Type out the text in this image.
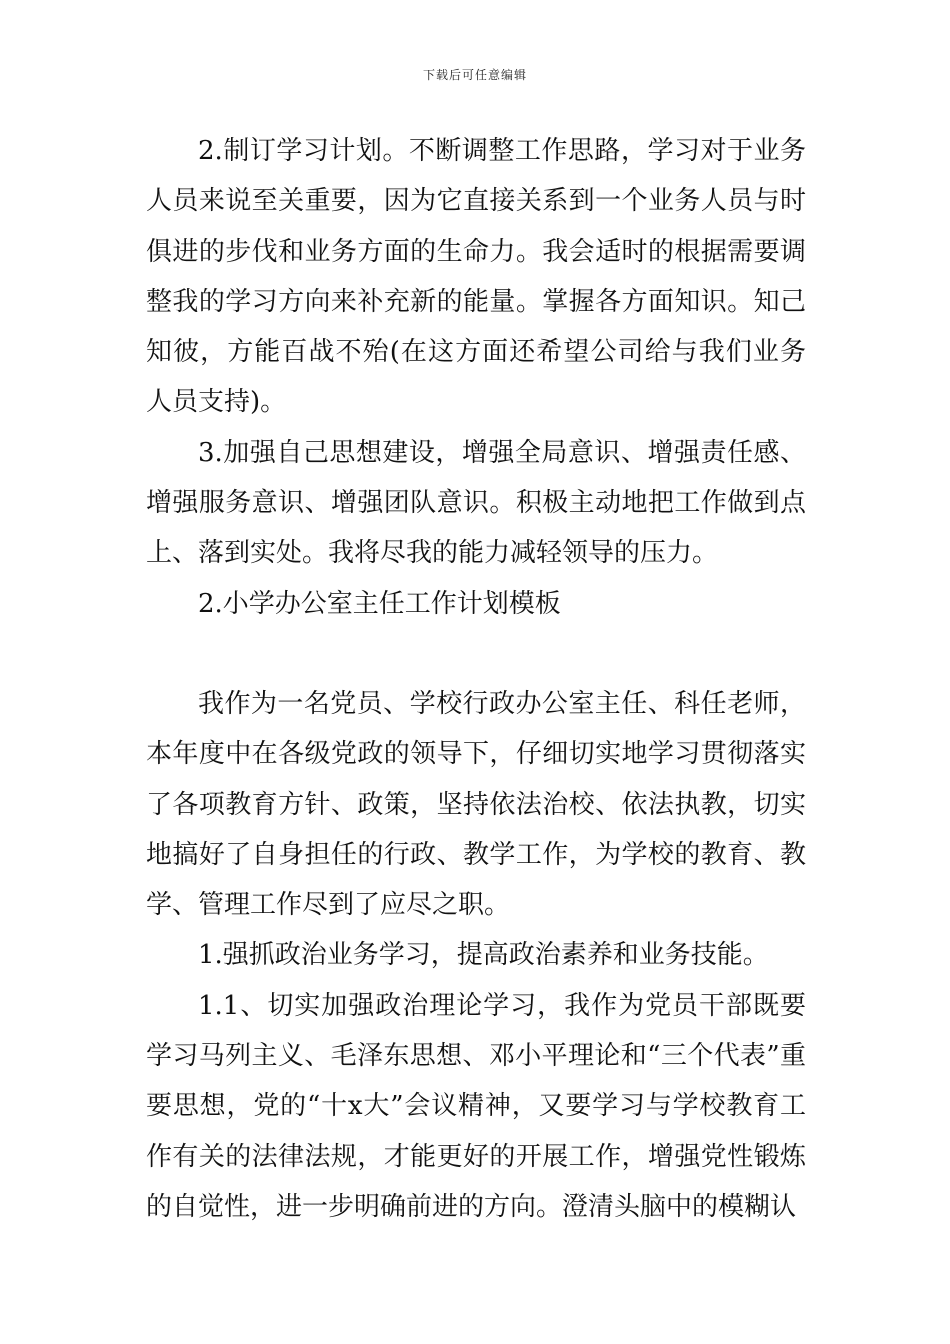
下载后可任意编辑

2.制订学习计划。不断调整工作思路，学习对于业务人员来说至关重要，因为它直接关系到一个业务人员与时俱进的步伐和业务方面的生命力。我会适时的根据需要调整我的学习方向来补充新的能量。掌握各方面知识。知己知彼，方能百战不殆(在这方面还希望公司给与我们业务人员支持)。

3.加强自己思想建设，增强全局意识、增强责任感、增强服务意识、增强团队意识。积极主动地把工作做到点上、落到实处。我将尽我的能力减轻领导的压力。

2.小学办公室主任工作计划模板

我作为一名党员、学校行政办公室主任、科任老师，本年度中在各级党政的领导下，仔细切实地学习贯彻落实了各项教育方针、政策，坚持依法治校、依法执教，切实地搞好了自身担任的行政、教学工作，为学校的教育、教学、管理工作尽到了应尽之职。

1.强抓政治业务学习，提高政治素养和业务技能。

1.1、切实加强政治理论学习，我作为党员干部既要学习马列主义、毛泽东思想、邓小平理论和“三个代表”重要思想，党的“十x大”会议精神，又要学习与学校教育工作有关的法律法规，才能更好的开展工作，增强党性锻炼的自觉性，进一步明确前进的方向。澄清头脑中的模糊认
